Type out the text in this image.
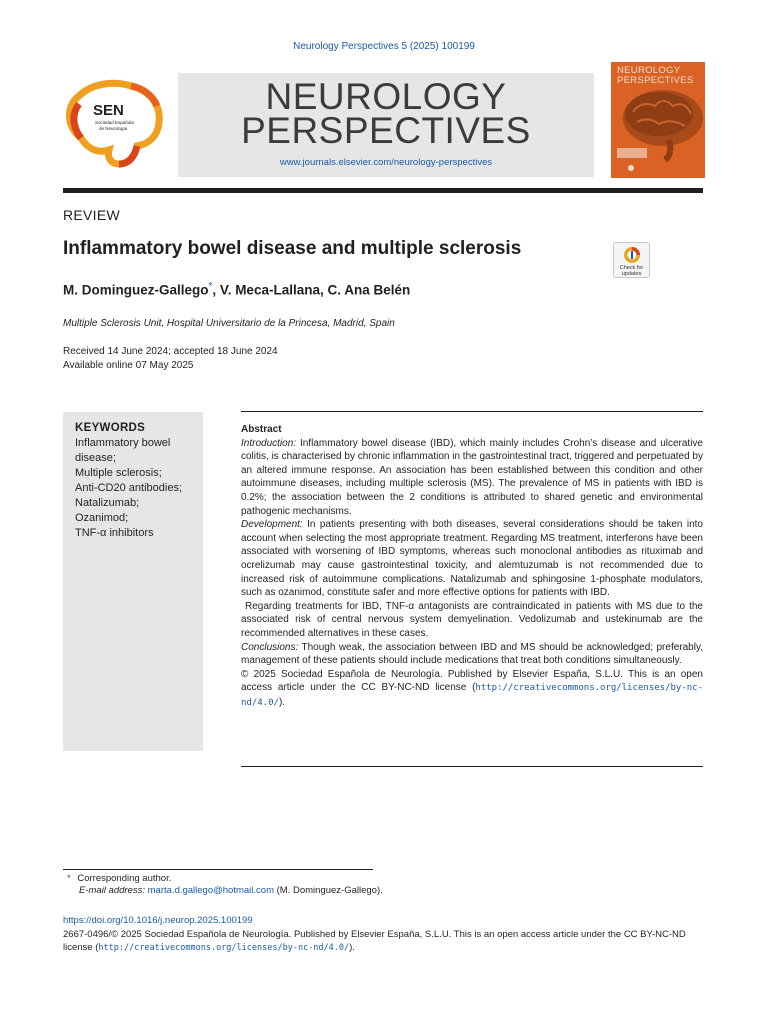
Neurology Perspectives 5 (2025) 100199
SEN
Sociedad Española
de Neurología
NEUROLOGY
PERSPECTIVES
www.journals.elsevier.com/neurology-perspectives
NEUROLOGY
PERSPECTIVES
REVIEW
Inflammatory bowel disease and multiple sclerosis
Check for
updates
M. Dominguez-Gallego*, V. Meca-Lallana, C. Ana Belén
Multiple Sclerosis Unit, Hospital Universitario de la Princesa, Madrid, Spain
Received 14 June 2024; accepted 18 June 2024
Available online 07 May 2025
KEYWORDS
Inflammatory bowel disease;
Multiple sclerosis;
Anti-CD20 antibodies;
Natalizumab;
Ozanimod;
TNF-α inhibitors

Abstract

Introduction: Inflammatory bowel disease (IBD), which mainly includes Crohn’s disease and ulcerative colitis, is characterised by chronic inflammation in the gastrointestinal tract, triggered and perpetuated by an altered immune response. An association has been established between this condition and other autoimmune diseases, including multiple sclerosis (MS). The prevalence of MS in patients with IBD is 0.2%; the association between the 2 conditions is attributed to shared genetic and environmental pathogenic mechanisms.

Development: In patients presenting with both diseases, several considerations should be taken into account when selecting the most appropriate treatment. Regarding MS treatment, interferons have been associated with worsening of IBD symptoms, whereas such monoclonal antibodies as rituximab and ocrelizumab may cause gastrointestinal toxicity, and alemtuzumab is not recommended due to increased risk of autoimmune complications. Natalizumab and sphingosine 1-phosphate modulators, such as ozanimod, constitute safer and more effective options for patients with IBD.

Regarding treatments for IBD, TNF-α antagonists are contraindicated in patients with MS due to the associated risk of central nervous system demyelination. Vedolizumab and ustekinumab are the recommended alternatives in these cases.

Conclusions: Though weak, the association between IBD and MS should be acknowledged; preferably, management of these patients should include medications that treat both conditions simultaneously.

© 2025 Sociedad Española de Neurología. Published by Elsevier España, S.L.U. This is an open access article under the CC BY-NC-ND license (http://creativecommons.org/licenses/by-nc-nd/4.0/).

* Corresponding author.
E-mail address: marta.d.gallego@hotmail.com (M. Dominguez-Gallego).
https://doi.org/10.1016/j.neurop.2025.100199
2667-0496/© 2025 Sociedad Española de Neurología. Published by Elsevier España, S.L.U. This is an open access article under the CC BY-NC-ND license (http://creativecommons.org/licenses/by-nc-nd/4.0/).
